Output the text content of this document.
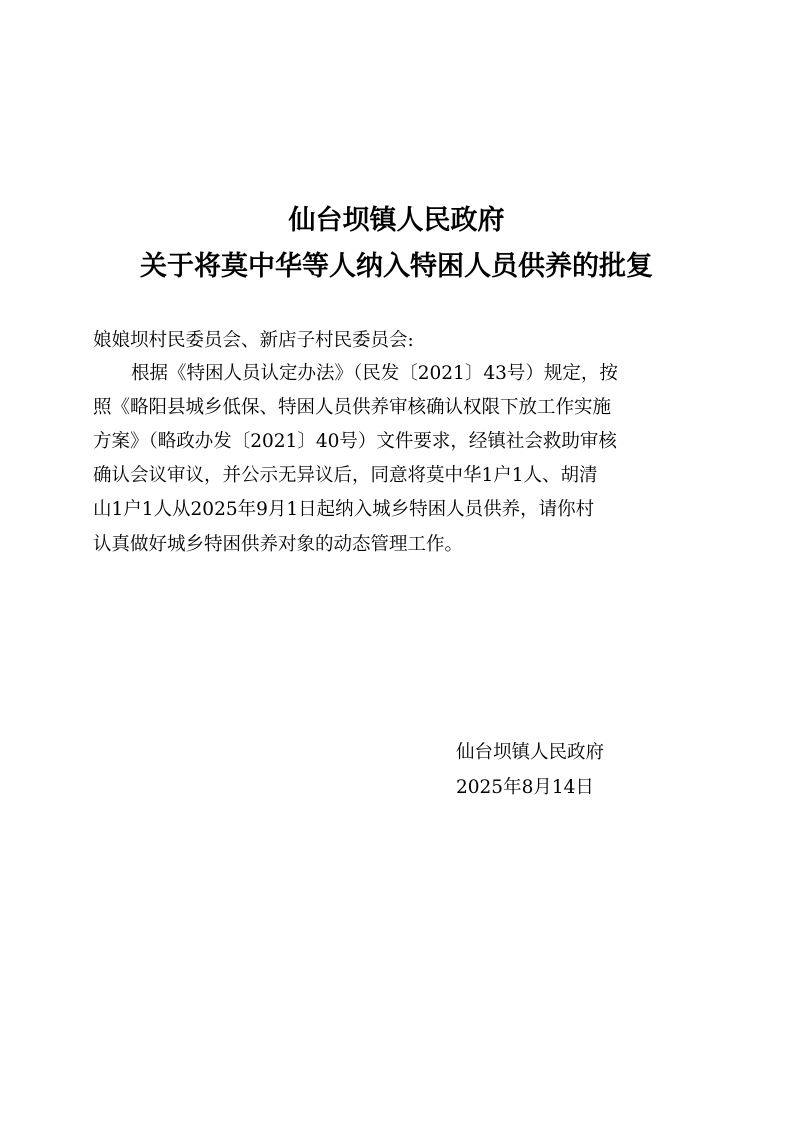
仙台坝镇人民政府
关于将莫中华等人纳入特困人员供养的批复
娘娘坝村民委员会、新店子村民委员会:
根据《特困人员认定办法》（民发〔2021〕43号）规定，按
照《略阳县城乡低保、特困人员供养审核确认权限下放工作实施
方案》（略政办发〔2021〕40号）文件要求，经镇社会救助审核
确认会议审议，并公示无异议后，同意将莫中华1户1人、胡清
山1户1人从2025年9月1日起纳入城乡特困人员供养，请你村
认真做好城乡特困供养对象的动态管理工作。
仙台坝镇人民政府
2025年8月14日
